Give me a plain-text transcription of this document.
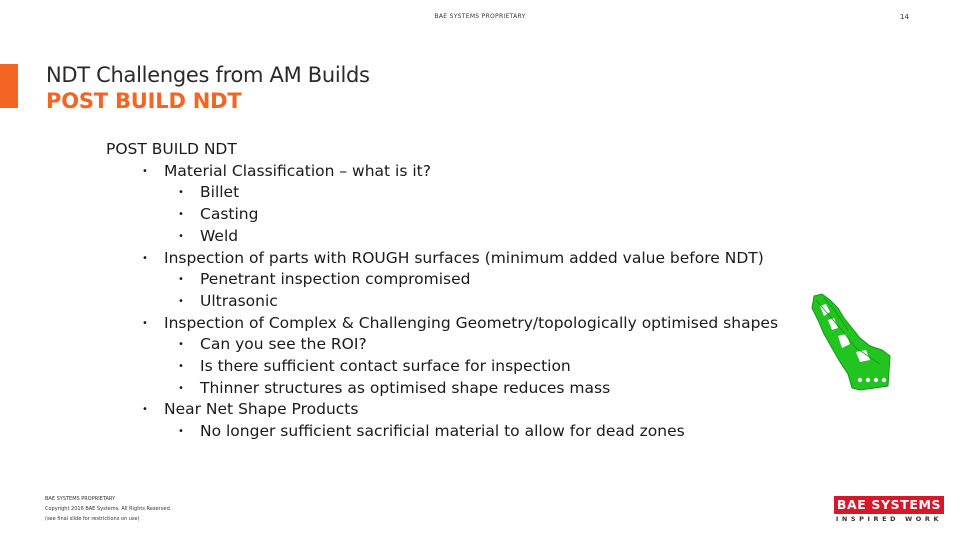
BAE SYSTEMS PROPRIETARY	14
NDT Challenges from AM Builds
POST BUILD NDT

POST BUILD NDT

• Material Classification – what is it?
• Billet
• Casting
• Weld
• Inspection of parts with ROUGH surfaces (minimum added value before NDT)
• Penetrant inspection compromised
• Ultrasonic
• Inspection of Complex & Challenging Geometry/topologically optimised shapes
• Can you see the ROI?
• Is there sufficient contact surface for inspection
• Thinner structures as optimised shape reduces mass
• Near Net Shape Products
• No longer sufficient sacrificial material to allow for dead zones
BAE SYSTEMS PROPRIETARY
Copyright 2016 BAE Systems. All Rights Reserved.
(see final slide for restrictions on use)
BAE SYSTEMS
INSPIRED WORK
